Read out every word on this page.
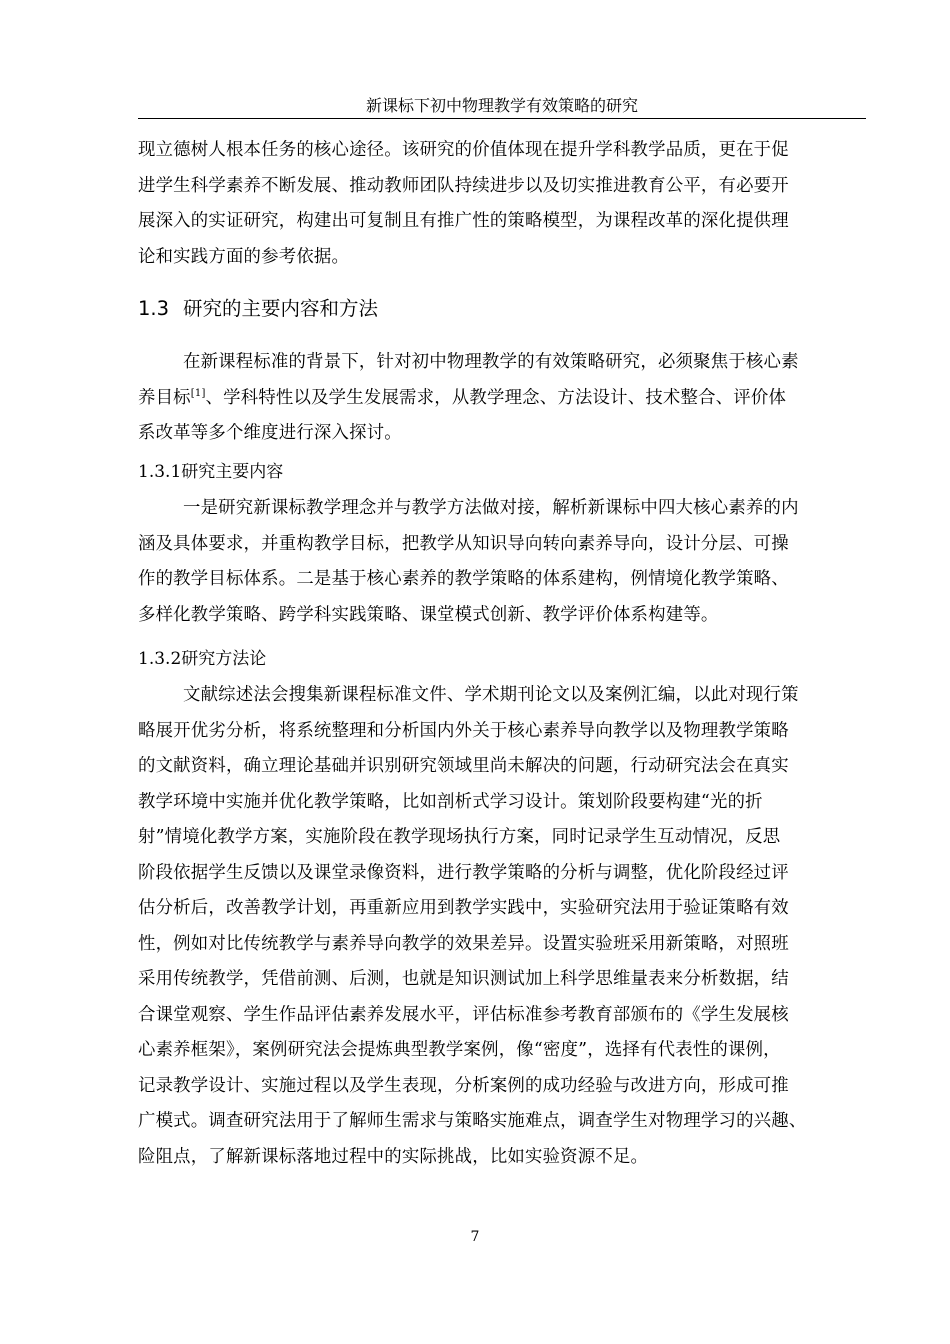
新课标下初中物理教学有效策略的研究
现立德树人根本任务的核心途径。该研究的价值体现在提升学科教学品质，更在于促
进学生科学素养不断发展、推动教师团队持续进步以及切实推进教育公平，有必要开
展深入的实证研究，构建出可复制且有推广性的策略模型，为课程改革的深化提供理
论和实践方面的参考依据。
1.3 研究的主要内容和方法
在新课程标准的背景下，针对初中物理教学的有效策略研究，必须聚焦于核心素
养目标[1]、学科特性以及学生发展需求，从教学理念、方法设计、技术整合、评价体
系改革等多个维度进行深入探讨。
1.3.1研究主要内容
一是研究新课标教学理念并与教学方法做对接，解析新课标中四大核心素养的内
涵及具体要求，并重构教学目标，把教学从知识导向转向素养导向，设计分层、可操
作的教学目标体系。二是基于核心素养的教学策略的体系建构，例情境化教学策略、
多样化教学策略、跨学科实践策略、课堂模式创新、教学评价体系构建等。
1.3.2研究方法论
文献综述法会搜集新课程标准文件、学术期刊论文以及案例汇编，以此对现行策
略展开优劣分析，将系统整理和分析国内外关于核心素养导向教学以及物理教学策略
的文献资料，确立理论基础并识别研究领域里尚未解决的问题，行动研究法会在真实
教学环境中实施并优化教学策略，比如剖析式学习设计。策划阶段要构建“光的折
射”情境化教学方案，实施阶段在教学现场执行方案，同时记录学生互动情况，反思
阶段依据学生反馈以及课堂录像资料，进行教学策略的分析与调整，优化阶段经过评
估分析后，改善教学计划，再重新应用到教学实践中，实验研究法用于验证策略有效
性，例如对比传统教学与素养导向教学的效果差异。设置实验班采用新策略，对照班
采用传统教学，凭借前测、后测，也就是知识测试加上科学思维量表来分析数据，结
合课堂观察、学生作品评估素养发展水平，评估标准参考教育部颁布的《学生发展核
心素养框架》，案例研究法会提炼典型教学案例，像“密度”，选择有代表性的课例，
记录教学设计、实施过程以及学生表现，分析案例的成功经验与改进方向，形成可推
广模式。调查研究法用于了解师生需求与策略实施难点，调查学生对物理学习的兴趣、
险阻点，了解新课标落地过程中的实际挑战，比如实验资源不足。
7
